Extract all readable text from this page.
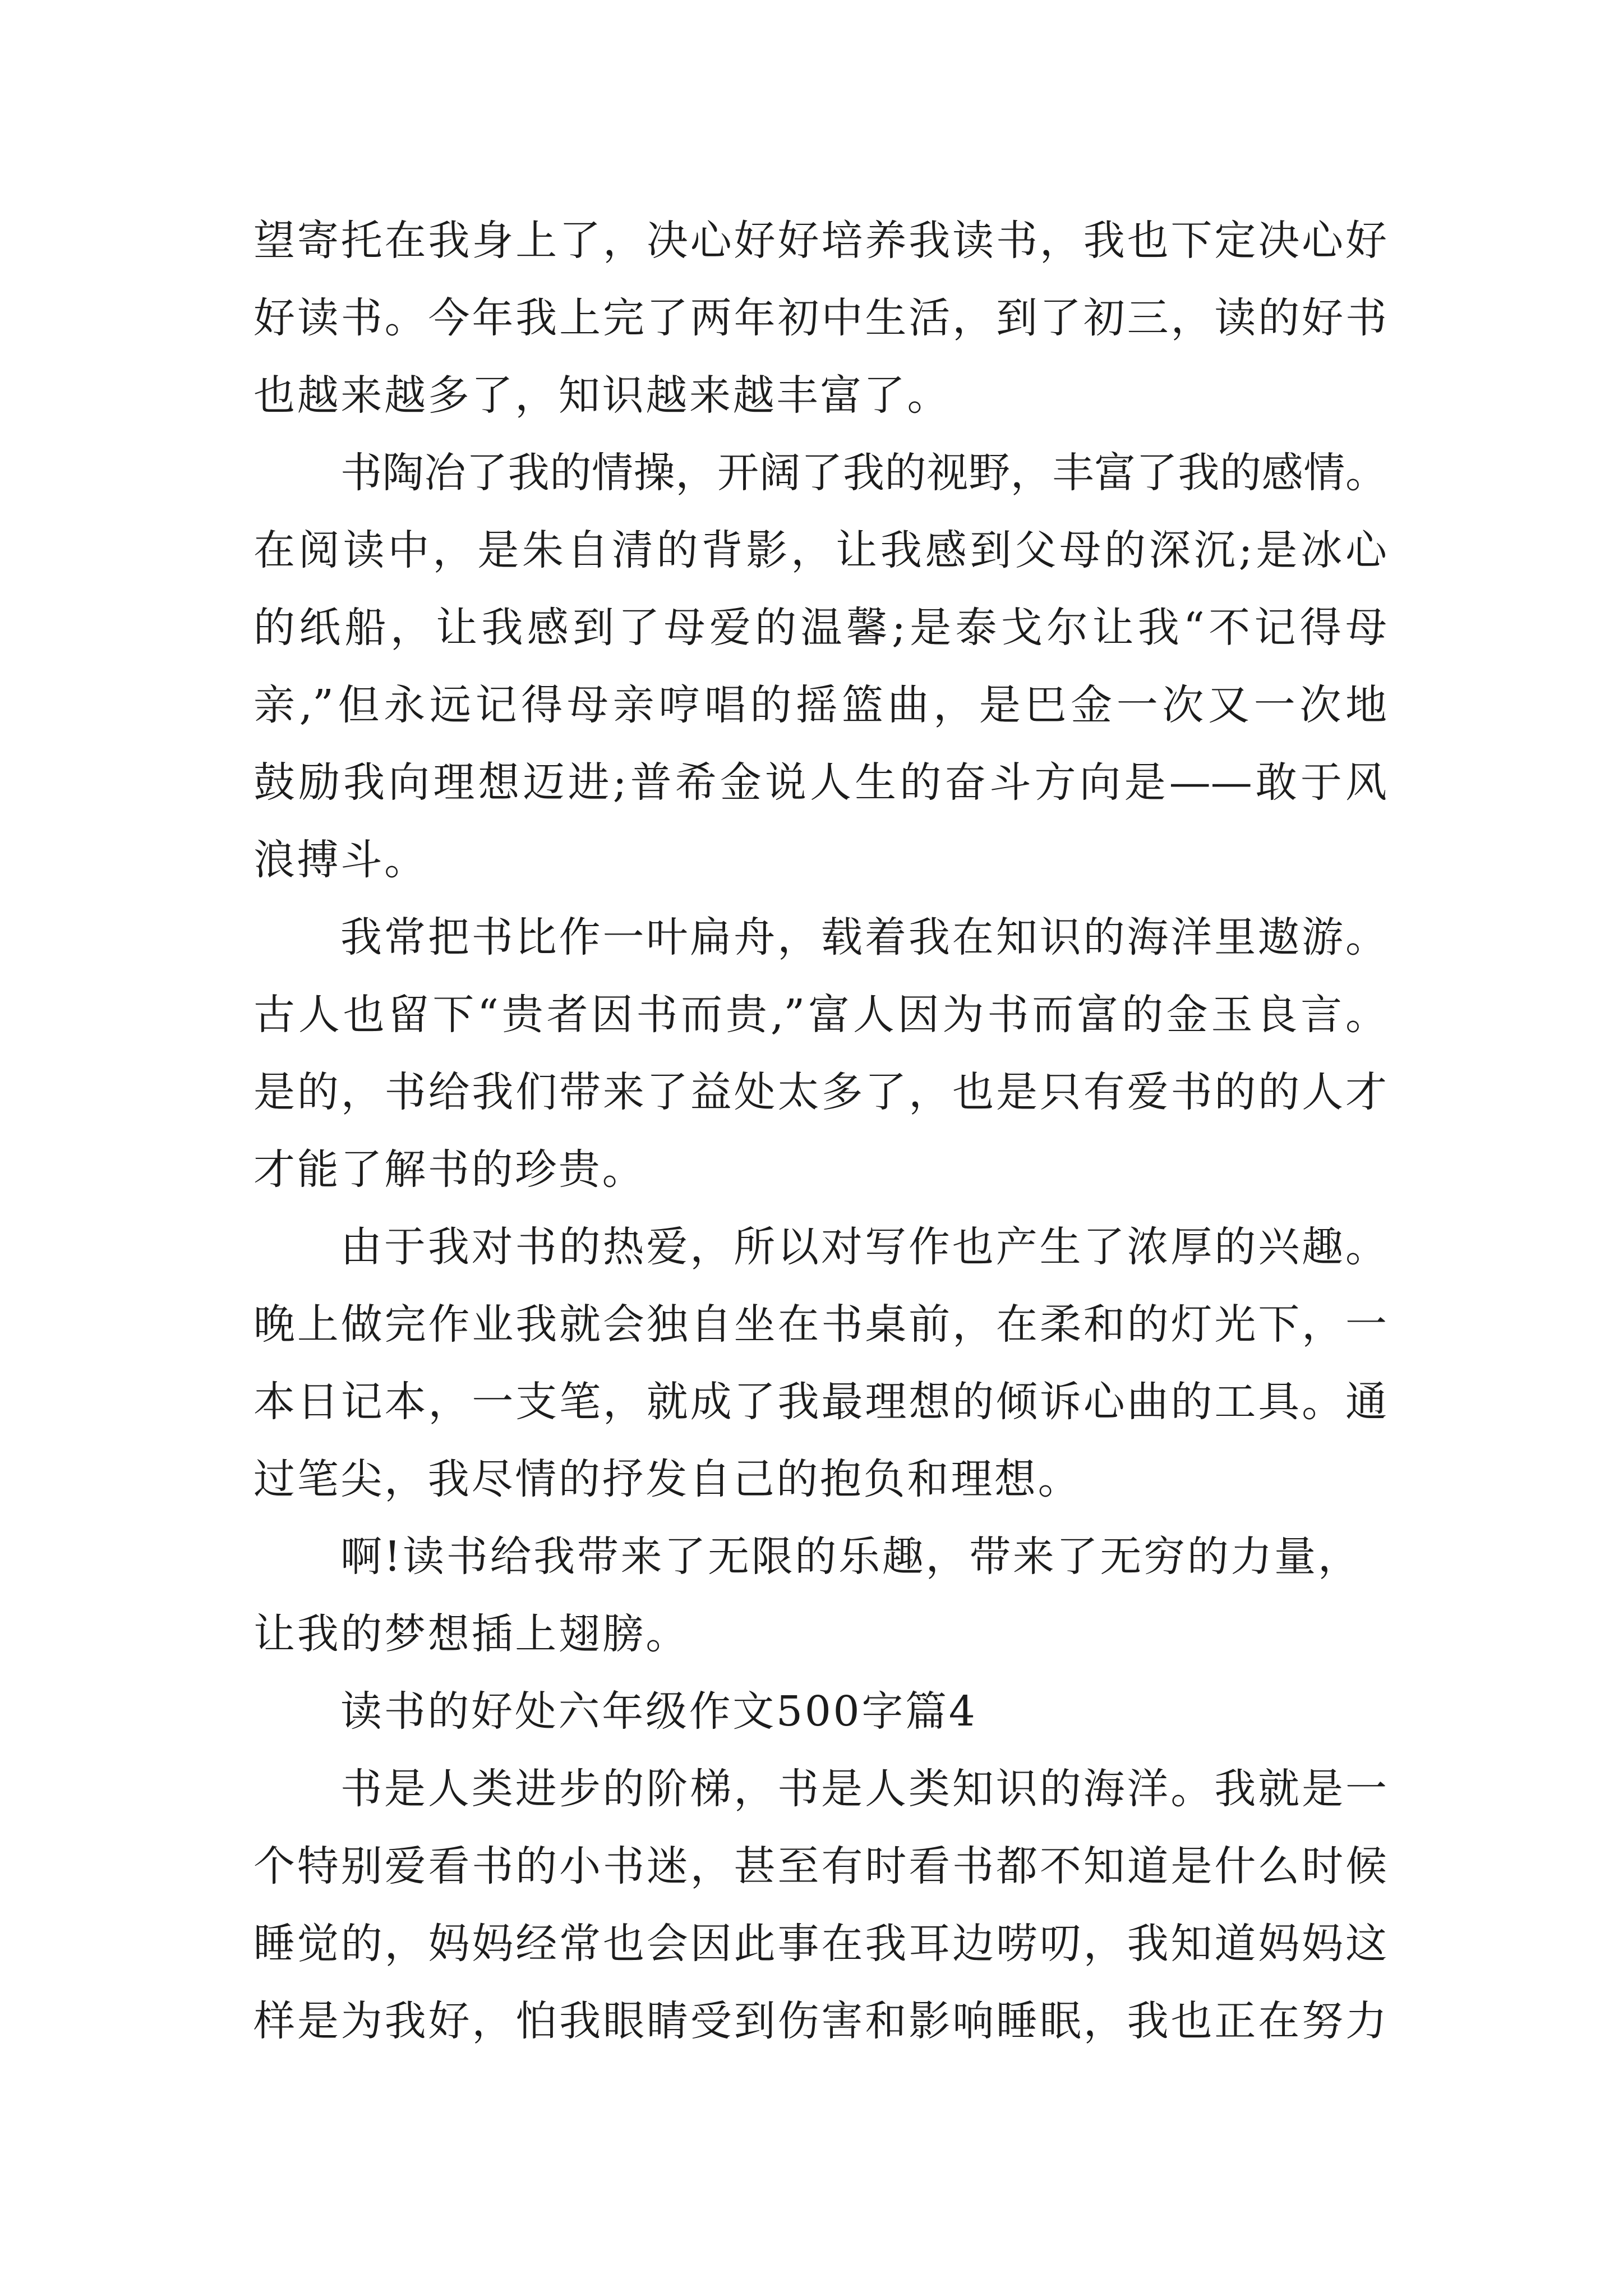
望寄托在我身上了，决心好好培养我读书，我也下定决心好
好读书。今年我上完了两年初中生活，到了初三，读的好书
也越来越多了，知识越来越丰富了。
书陶冶了我的情操，开阔了我的视野，丰富了我的感情。
在阅读中，是朱自清的背影，让我感到父母的深沉;是冰心
的纸船，让我感到了母爱的温馨;是泰戈尔让我“不记得母
亲,”但永远记得母亲哼唱的摇篮曲，是巴金一次又一次地
鼓励我向理想迈进;普希金说人生的奋斗方向是——敢于风
浪搏斗。
我常把书比作一叶扁舟，载着我在知识的海洋里遨游。
古人也留下“贵者因书而贵,”富人因为书而富的金玉良言。
是的，书给我们带来了益处太多了，也是只有爱书的的人才
才能了解书的珍贵。
由于我对书的热爱，所以对写作也产生了浓厚的兴趣。
晚上做完作业我就会独自坐在书桌前，在柔和的灯光下，一
本日记本，一支笔，就成了我最理想的倾诉心曲的工具。通
过笔尖，我尽情的抒发自己的抱负和理想。
啊!读书给我带来了无限的乐趣，带来了无穷的力量，
让我的梦想插上翅膀。
读书的好处六年级作文500字篇4
书是人类进步的阶梯，书是人类知识的海洋。我就是一
个特别爱看书的小书迷，甚至有时看书都不知道是什么时候
睡觉的，妈妈经常也会因此事在我耳边唠叨，我知道妈妈这
样是为我好，怕我眼睛受到伤害和影响睡眠，我也正在努力
